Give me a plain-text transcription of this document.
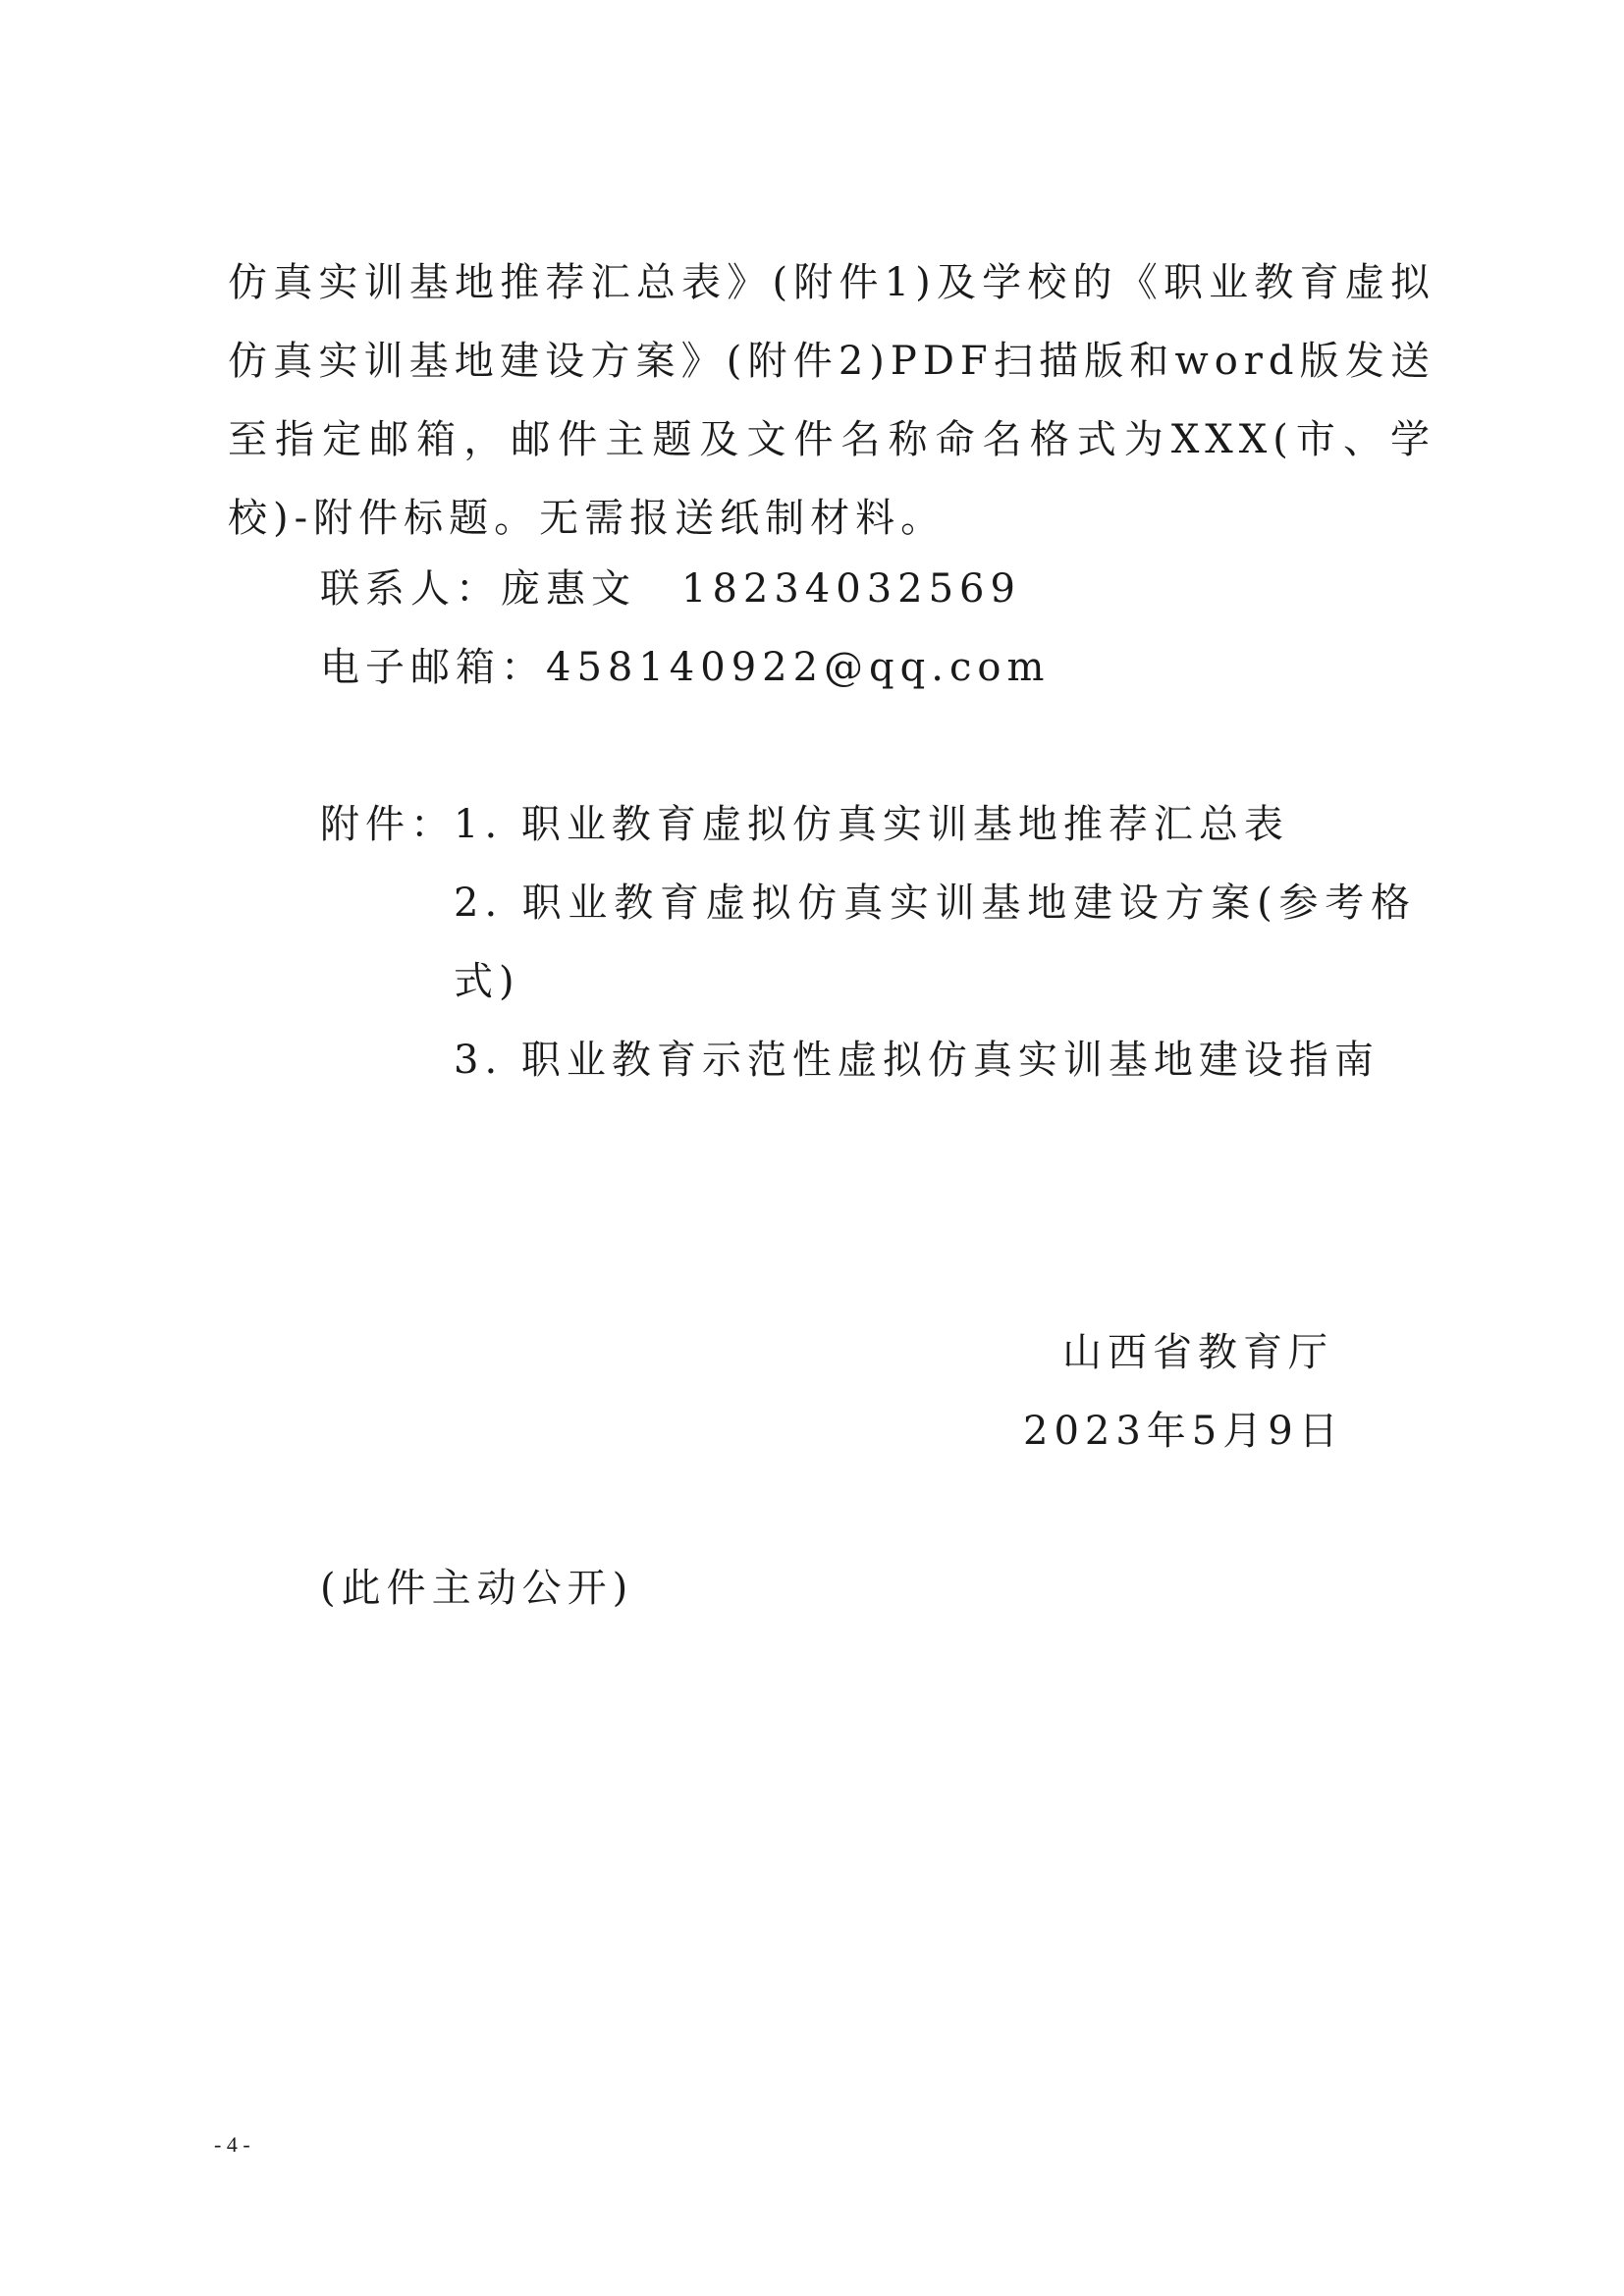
仿真实训基地推荐汇总表》(附件1)及学校的《职业教育虚拟仿真实训基地建设方案》(附件2)PDF扫描版和word版发送至指定邮箱，邮件主题及文件名称命名格式为XXX(市、学校)-附件标题。无需报送纸制材料。

联系人：庞惠文　18234032569
电子邮箱：458140922@qq.com
附件：
1. 职业教育虚拟仿真实训基地推荐汇总表
2. 职业教育虚拟仿真实训基地建设方案(参考格式)
3. 职业教育示范性虚拟仿真实训基地建设指南
山西省教育厅
2023年5月9日
(此件主动公开)
- 4 -
